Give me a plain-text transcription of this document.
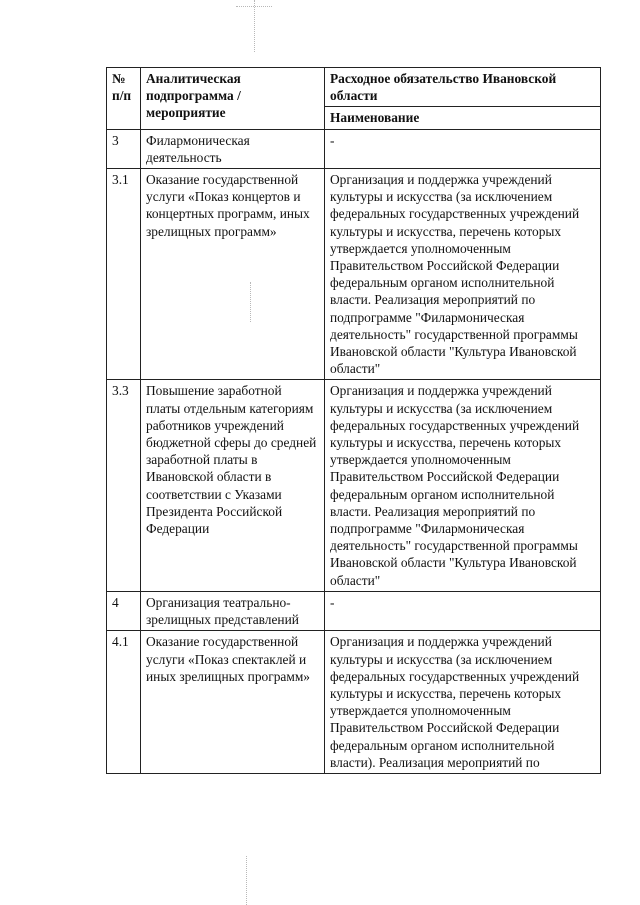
№ п/п	Аналитическая подпрограмма / мероприятие	Расходное обязательство Ивановской области
		Наименование
3	Филармоническая деятельность	-
3.1	Оказание государственной услуги «Показ концертов и концертных программ, иных зрелищных программ»	Организация и поддержка учреждений культуры и искусства (за исключением федеральных государственных учреждений культуры и искусства, перечень которых утверждается уполномоченным Правительством Российской Федерации федеральным органом исполнительной власти. Реализация мероприятий по подпрограмме "Филармоническая деятельность" государственной программы Ивановской области "Культура Ивановской области"
3.3	Повышение заработной платы отдельным категориям работников учреждений бюджетной сферы до средней заработной платы в Ивановской области в соответствии с Указами Президента Российской Федерации	Организация и поддержка учреждений культуры и искусства (за исключением федеральных государственных учреждений культуры и искусства, перечень которых утверждается уполномоченным Правительством Российской Федерации федеральным органом исполнительной власти. Реализация мероприятий по подпрограмме "Филармоническая деятельность" государственной программы Ивановской области "Культура Ивановской области"
4	Организация театрально-зрелищных представлений	-
4.1	Оказание государственной услуги «Показ спектаклей и иных зрелищных программ»	Организация и поддержка учреждений культуры и искусства (за исключением федеральных государственных учреждений культуры и искусства, перечень которых утверждается уполномоченным Правительством Российской Федерации федеральным органом исполнительной власти). Реализация мероприятий по
